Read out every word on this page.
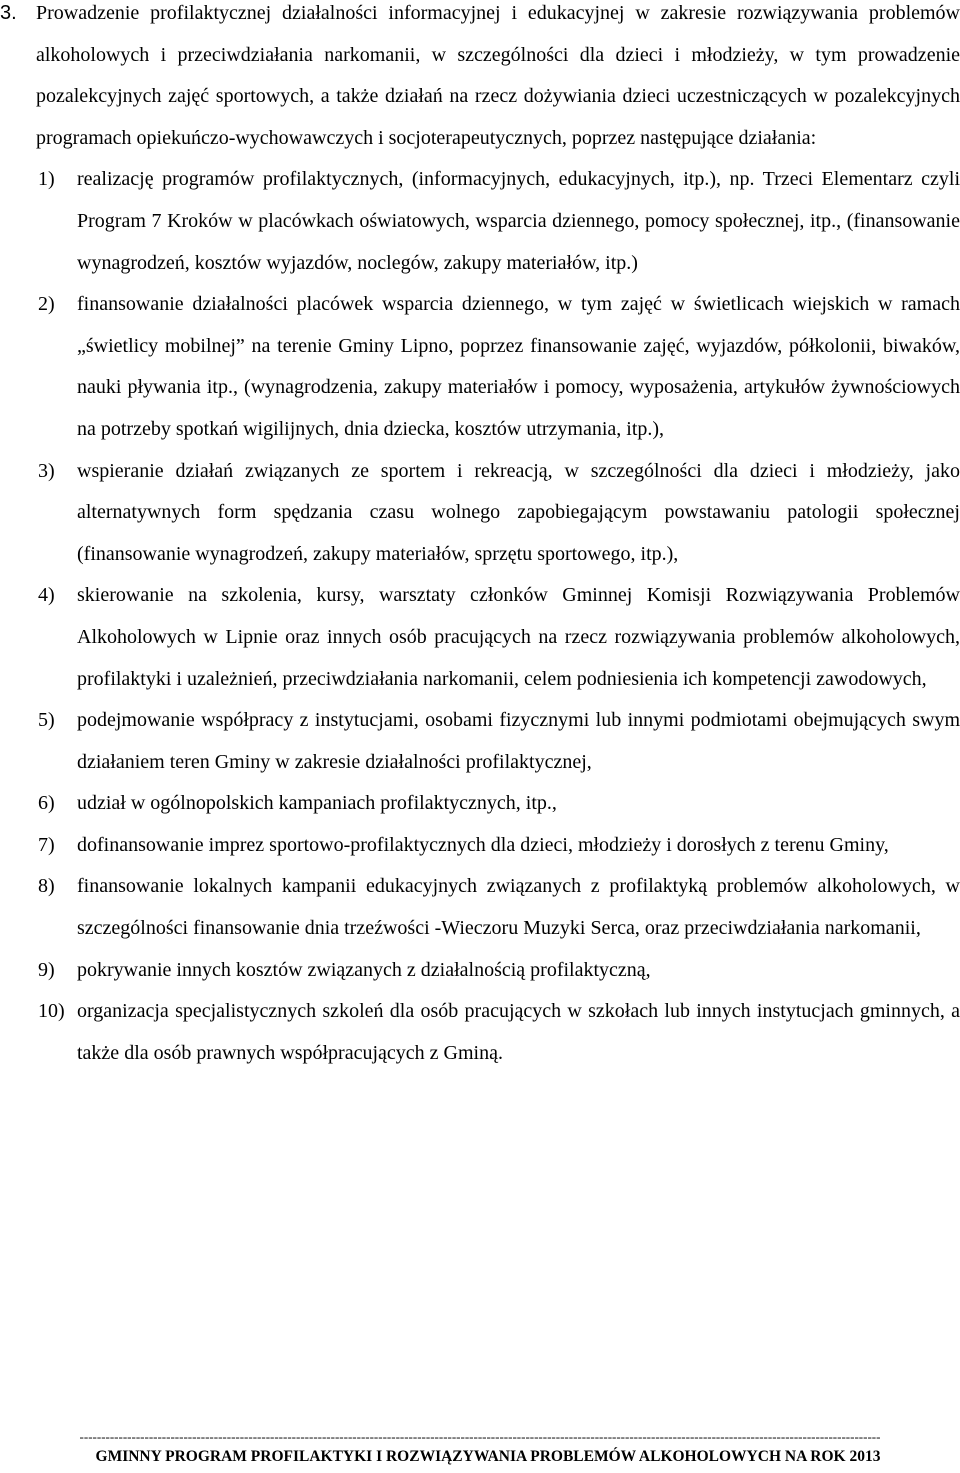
3. Prowadzenie profilaktycznej działalności informacyjnej i edukacyjnej w zakresie rozwiązywania problemów alkoholowych i przeciwdziałania narkomanii, w szczególności dla dzieci i młodzieży, w tym prowadzenie pozalekcyjnych zajęć sportowych, a także działań na rzecz dożywiania dzieci uczestniczących w pozalekcyjnych programach opiekuńczo-wychowawczych i socjoterapeutycznych, poprzez następujące działania:
1) realizację programów profilaktycznych, (informacyjnych, edukacyjnych, itp.), np. Trzeci Elementarz czyli Program 7 Kroków w placówkach oświatowych, wsparcia dziennego, pomocy społecznej, itp., (finansowanie wynagrodzeń, kosztów wyjazdów, noclegów, zakupy materiałów, itp.)
2) finansowanie działalności placówek wsparcia dziennego, w tym zajęć w świetlicach wiejskich w ramach „świetlicy mobilnej” na terenie Gminy Lipno, poprzez finansowanie zajęć, wyjazdów, półkolonii, biwaków, nauki pływania itp., (wynagrodzenia, zakupy materiałów i pomocy, wyposażenia, artykułów żywnościowych na potrzeby spotkań wigilijnych, dnia dziecka, kosztów utrzymania, itp.),
3) wspieranie działań związanych ze sportem i rekreacją, w szczególności dla dzieci i młodzieży, jako alternatywnych form spędzania czasu wolnego zapobiegającym powstawaniu patologii społecznej (finansowanie wynagrodzeń, zakupy materiałów, sprzętu sportowego, itp.),
4) skierowanie na szkolenia, kursy, warsztaty członków Gminnej Komisji Rozwiązywania Problemów Alkoholowych w Lipnie oraz innych osób pracujących na rzecz rozwiązywania problemów alkoholowych, profilaktyki i uzależnień, przeciwdziałania narkomanii, celem podniesienia ich kompetencji zawodowych,
5) podejmowanie współpracy z instytucjami, osobami fizycznymi lub innymi podmiotami obejmujących swym działaniem teren Gminy w zakresie działalności profilaktycznej,
6) udział w ogólnopolskich kampaniach profilaktycznych, itp.,
7) dofinansowanie imprez sportowo-profilaktycznych dla dzieci, młodzieży i dorosłych z terenu Gminy,
8) finansowanie lokalnych kampanii edukacyjnych związanych z profilaktyką problemów alkoholowych, w szczególności finansowanie dnia trzeźwości -Wieczoru Muzyki Serca, oraz przeciwdziałania narkomanii,
9) pokrywanie innych kosztów związanych z działalnością profilaktyczną,
10) organizacja specjalistycznych szkoleń dla osób pracujących w szkołach lub innych instytucjach gminnych, a także dla osób prawnych współpracujących z Gminą.
-----------------------------------------------------------------------------------------------------------------------------------------------------------------------------------------
GMINNY PROGRAM PROFILAKTYKI I ROZWIĄZYWANIA PROBLEMÓW ALKOHOLOWYCH NA ROK 2013
